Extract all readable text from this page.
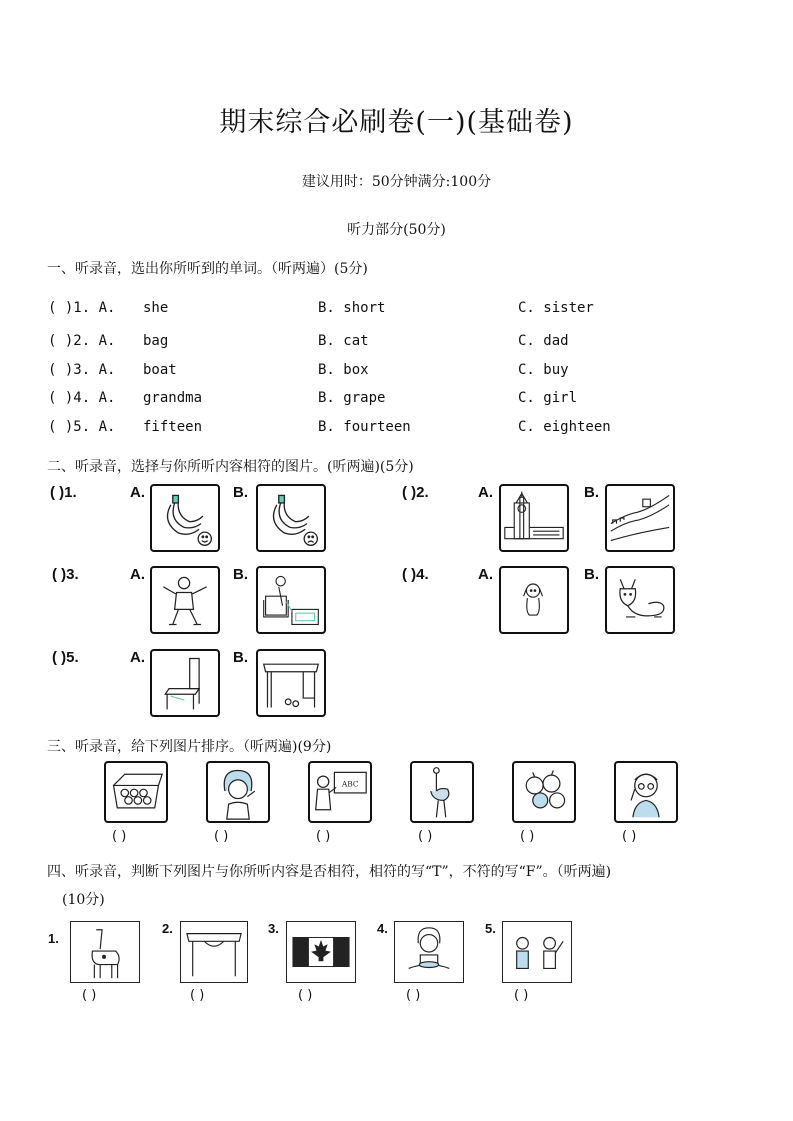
期末综合必刷卷(一)(基础卷)
建议用时：50分钟满分:100分
听力部分(50分)
一、听录音，选出你所听到的单词。（听两遍）(5分)
( )1. A. she	B. short	C. sister
( )2. A. bag	B. cat	C. dad
( )3. A. boat	B. box	C. buy
( )4. A. grandma	B. grape	C. girl
( )5. A. fifteen	B. fourteen	C. eighteen
二、听录音，选择与你所听内容相符的图片。(听两遍)(5分)
( )1.	A.	B.	( )2.	A.	B.
( )3.	A.	B.	( )4.	A.	B.
( )5.	A.	B.
三、听录音，给下列图片排序。（听两遍)(9分)
ABC
( )	( )	( )	( )	( )	( )
四、听录音，判断下列图片与你所听内容是否相符，相符的写“T”，不符的写“F”。（听两遍)
(10分)
1.
2.	3.	4.	5.
( )	( )	( )	( )	( )
